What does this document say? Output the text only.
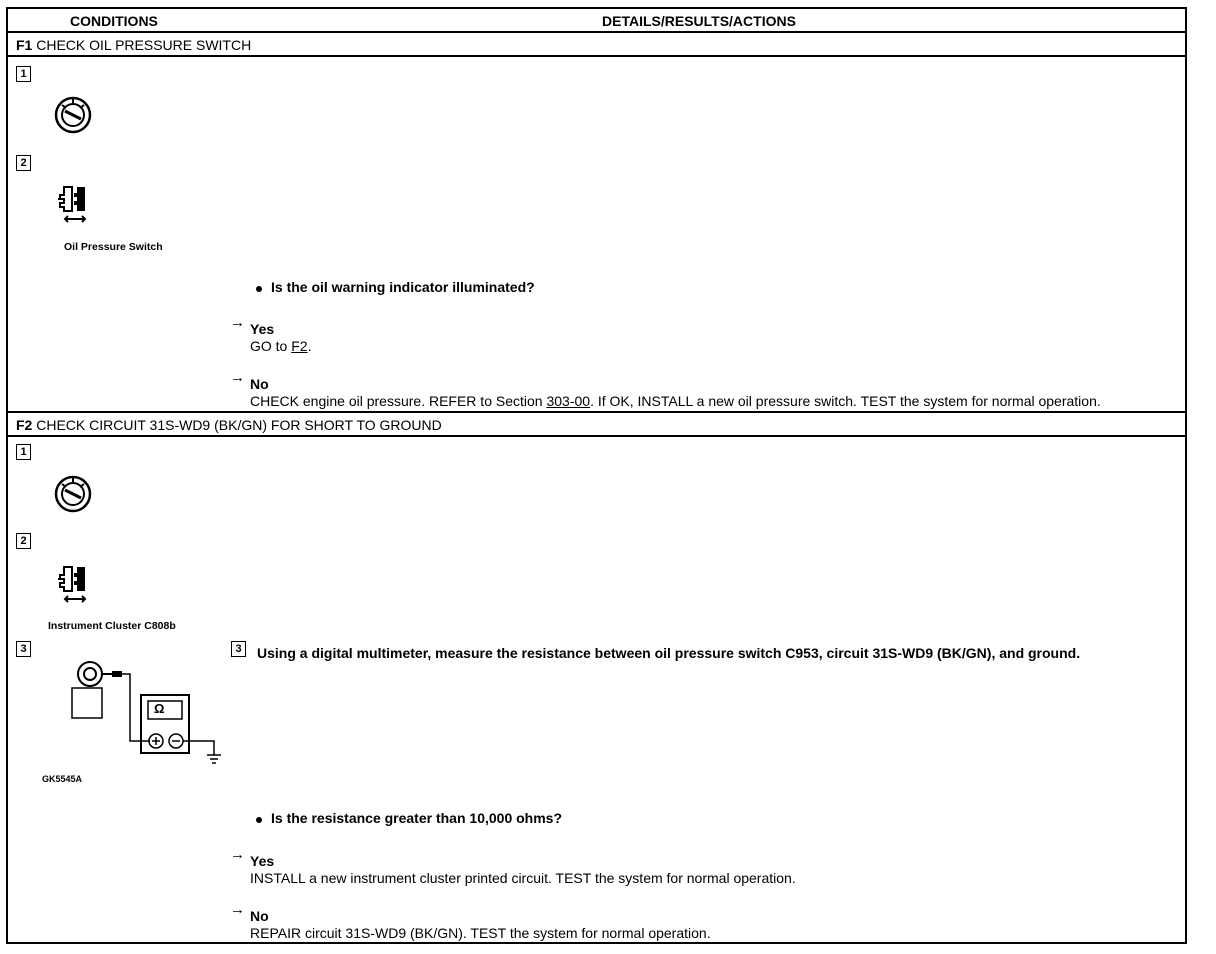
CONDITIONS	DETAILS/RESULTS/ACTIONS
F1 CHECK OIL PRESSURE SWITCH
1
2
Oil Pressure Switch
Is the oil warning indicator illuminated?
→ Yes
GO to F2.
→ No
CHECK engine oil pressure. REFER to Section 303-00. If OK, INSTALL a new oil pressure switch. TEST the system for normal operation.
F2 CHECK CIRCUIT 31S-WD9 (BK/GN) FOR SHORT TO GROUND
1
2
Instrument Cluster C808b
3
Ω
GK5545A
3	Using a digital multimeter, measure the resistance between oil pressure switch C953, circuit 31S-WD9 (BK/GN), and ground.
Is the resistance greater than 10,000 ohms?
→ Yes
INSTALL a new instrument cluster printed circuit. TEST the system for normal operation.
→ No
REPAIR circuit 31S-WD9 (BK/GN). TEST the system for normal operation.
